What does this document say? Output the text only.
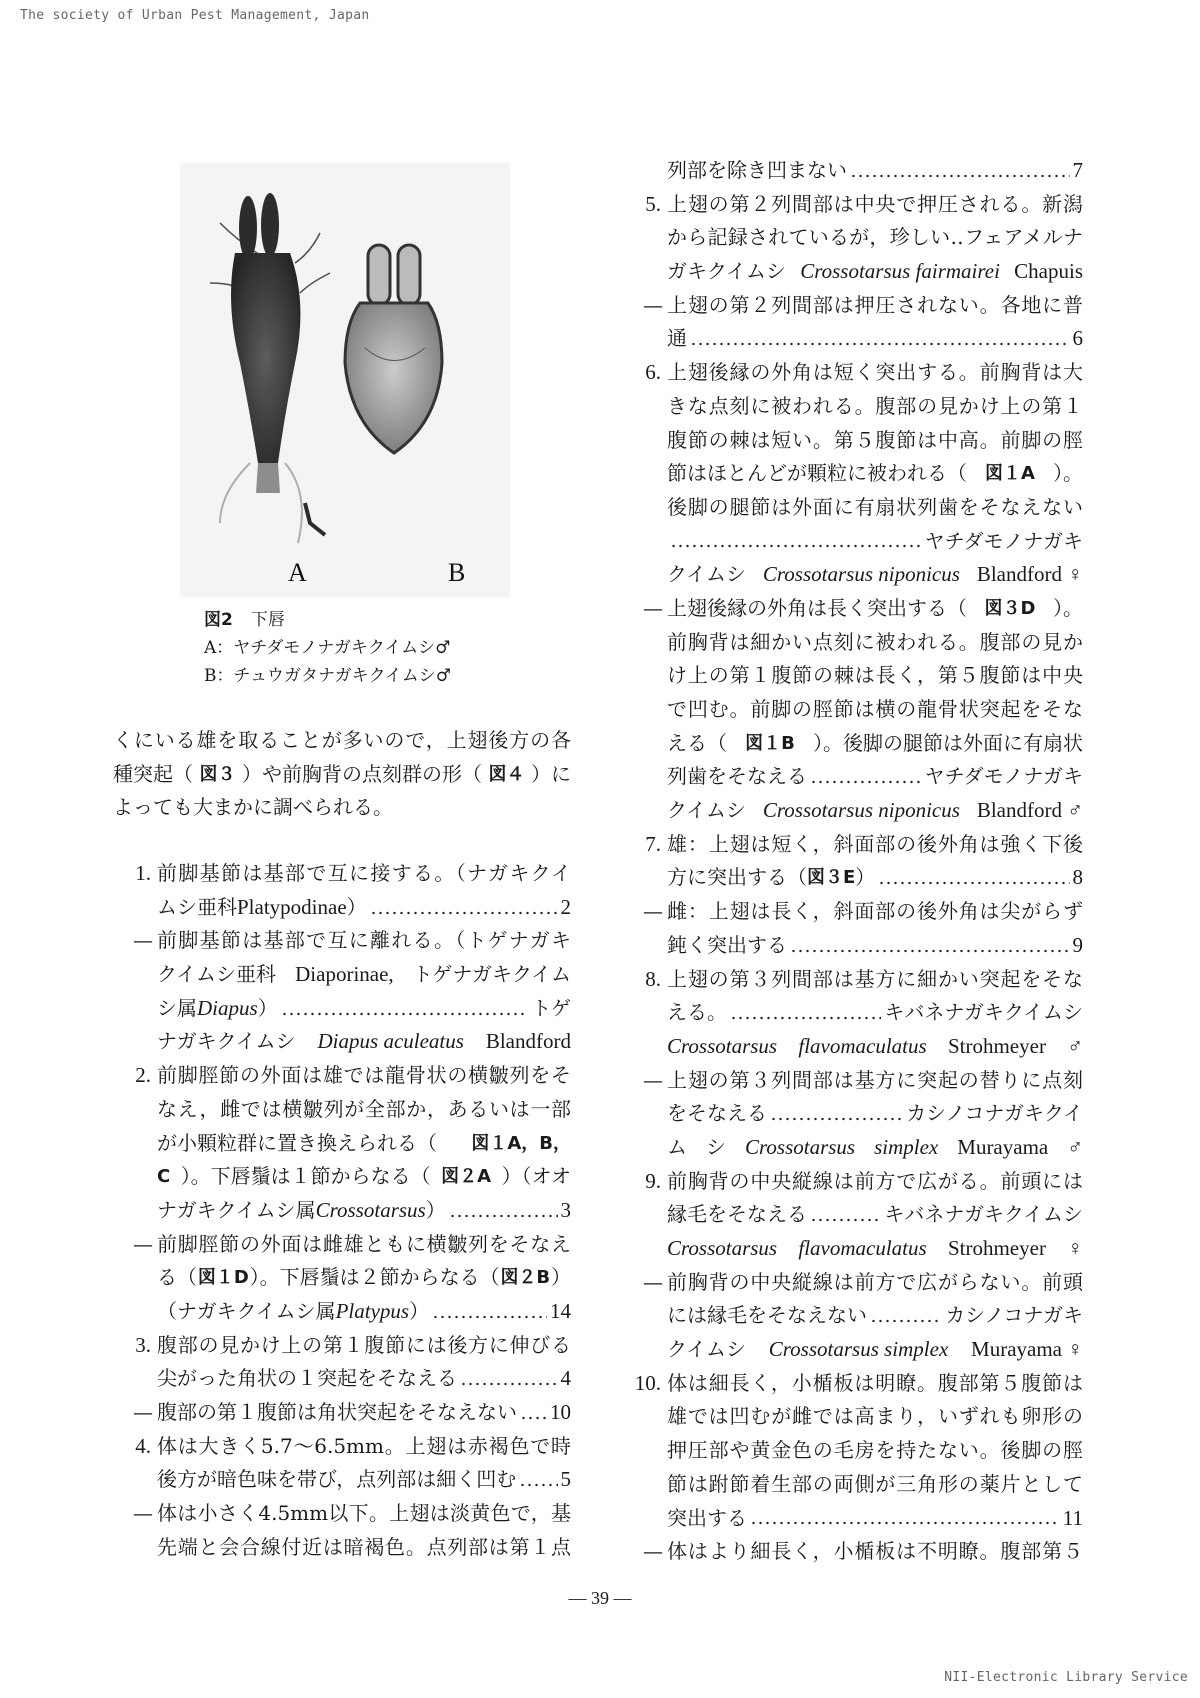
The society of Urban Pest Management, Japan
A	B
図2 下唇
A：ヤチダモノナガキクイムシ♂
B：チュウガタナガキクイムシ♂
くにいる雄を取ることが多いので，上翅後方の各
種突起（ 図３ ）や前胸背の点刻群の形（ 図４ ）に
よっても大まかに調べられる。
1. 前脚基節は基部で互に接する。（ナガキクイ
ムシ亜科 Platypodinae ）	2
— 前脚基節は基部で互に離れる。（トゲナガキ
クイムシ亜科 Diaporinae, トゲナガキクイム
シ属 Diapus ）	トゲ
ナガキクイムシ Diapus aculeatus Blandford
2. 前脚脛節の外面は雄では龍骨状の横皺列をそ
なえ，雌では横皺列が全部か，あるいは一部
が小顆粒群に置き換えられる（ 図１A，B，
C ）。下唇鬚は１節からなる（ 図２A ）（オオ
ナガキクイムシ属 Crossotarsus ）	3
— 前脚脛節の外面は雌雄ともに横皺列をそなえ
る（ 図１D ）。下唇鬚は２節からなる（ 図２B ）
（ナガキクイムシ属 Platypus ）	14
3. 腹部の見かけ上の第１腹節には後方に伸びる
尖がった角状の１突起をそなえる	4
— 腹部の第１腹節は角状突起をそなえない 10
4. 体は大きく5.7〜6.5mm。上翅は赤褐色で時
後方が暗色味を帯び，点列部は細く凹む 5
— 体は小さく4.5mm以下。上翅は淡黄色で，基
先端と会合線付近は暗褐色。点列部は第１点
列部を除き凹まない	7
5. 上翅の第２列間部は中央で押圧される。新潟
から記録されているが，珍しい‥フェアメルナ
ガキクイムシ Crossotarsus fairmairei Chapuis
— 上翅の第２列間部は押圧されない。各地に普
通	6
6. 上翅後縁の外角は短く突出する。前胸背は大
きな点刻に被われる。腹部の見かけ上の第１
腹節の棘は短い。第５腹節は中高。前脚の脛
節はほとんどが顆粒に被われる（ 図１A ）。
後脚の腿節は外面に有扇状列歯をそなえない
ヤチダモノナガキ
クイムシ Crossotarsus niponicus Blandford ♀
— 上翅後縁の外角は長く突出する（ 図３D ）。
前胸背は細かい点刻に被われる。腹部の見か
け上の第１腹節の棘は長く，第５腹節は中央
で凹む。前脚の脛節は横の龍骨状突起をそな
える（ 図１B ）。後脚の腿節は外面に有扇状
列歯をそなえる	ヤチダモノナガキ
クイムシ Crossotarsus niponicus Blandford ♂
7. 雄：上翅は短く，斜面部の後外角は強く下後
方に突出する（ 図３E ）	8
— 雌：上翅は長く，斜面部の後外角は尖がらず
鈍く突出する	9
8. 上翅の第３列間部は基方に細かい突起をそな
える。	キバネナガキクイムシ
Crossotarsus flavomaculatus Strohmeyer ♂
— 上翅の第３列間部は基方に突起の替りに点刻
をそなえる	カシノコナガキクイ
ム シ Crossotarsus simplex Murayama ♂
9. 前胸背の中央縦線は前方で広がる。前頭には
縁毛をそなえる	キバネナガキクイムシ
Crossotarsus flavomaculatus Strohmeyer ♀
— 前胸背の中央縦線は前方で広がらない。前頭
には縁毛をそなえない	カシノコナガキ
クイムシ Crossotarsus simplex Murayama ♀
10. 体は細長く，小楯板は明瞭。腹部第５腹節は
雄では凹むが雌では高まり，いずれも卵形の
押圧部や黄金色の毛房を持たない。後脚の脛
節は跗節着生部の両側が三角形の薬片として
突出する	11
— 体はより細長く，小楯板は不明瞭。腹部第５
— 39 —
NII-Electronic Library Service
